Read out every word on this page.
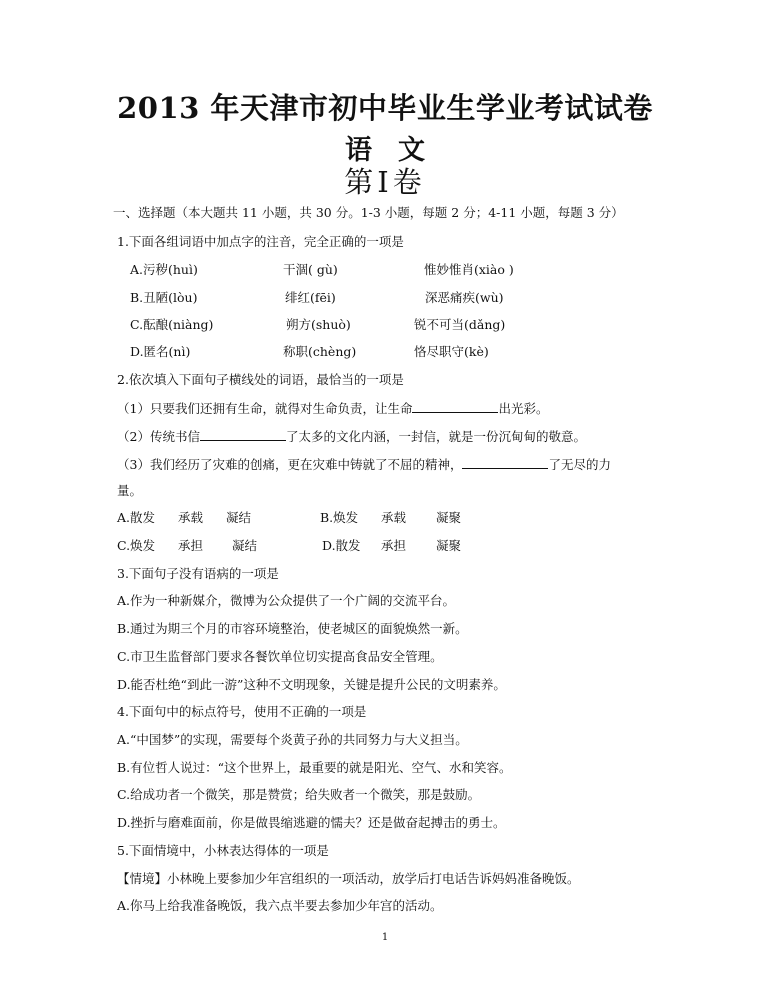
2013 年天津市初中毕业生学业考试试卷
语文
第Ⅰ卷
一、选择题（本大题共 11 小题，共 30 分。1-3 小题，每题 2 分；4-11 小题，每题 3 分）
1.下面各组词语中加点字的注音，完全正确的一项是
A.污秽(huì)	干涸( gù)	惟妙惟肖(xiào )
B.丑陋(lòu)	绯红(fēi)	深恶痛疾(wù)
C.酝酿(niàng)	朔方(shuò)	锐不可当(dǎng)
D.匿名(nì)	称职(chèng)	恪尽职守(kè)
2.依次填入下面句子横线处的词语，最恰当的一项是
（1）只要我们还拥有生命，就得对生命负责，让生命	出光彩。
（2）传统书信	了太多的文化内涵，一封信，就是一份沉甸甸的敬意。
（3）我们经历了灾难的创痛，更在灾难中铸就了不屈的精神，	了无尽的力
量。
A.散发 承载 凝结	B.焕发 承载 凝聚
C.焕发 承担 凝结	D.散发 承担 凝聚
3.下面句子没有语病的一项是
A.作为一种新媒介，微博为公众提供了一个广阔的交流平台。
B.通过为期三个月的市容环境整治，使老城区的面貌焕然一新。
C.市卫生监督部门要求各餐饮单位切实提高食品安全管理。
D.能否杜绝“到此一游”这种不文明现象，关键是提升公民的文明素养。
4.下面句中的标点符号，使用不正确的一项是
A.“中国梦”的实现，需要每个炎黄子孙的共同努力与大义担当。
B.有位哲人说过：“这个世界上，最重要的就是阳光、空气、水和笑容。
C.给成功者一个微笑，那是赞赏；给失败者一个微笑，那是鼓励。
D.挫折与磨难面前，你是做畏缩逃避的懦夫？还是做奋起搏击的勇士。
5.下面情境中，小林表达得体的一项是
【情境】小林晚上要参加少年宫组织的一项活动，放学后打电话告诉妈妈准备晚饭。
A.你马上给我准备晚饭，我六点半要去参加少年宫的活动。
1
